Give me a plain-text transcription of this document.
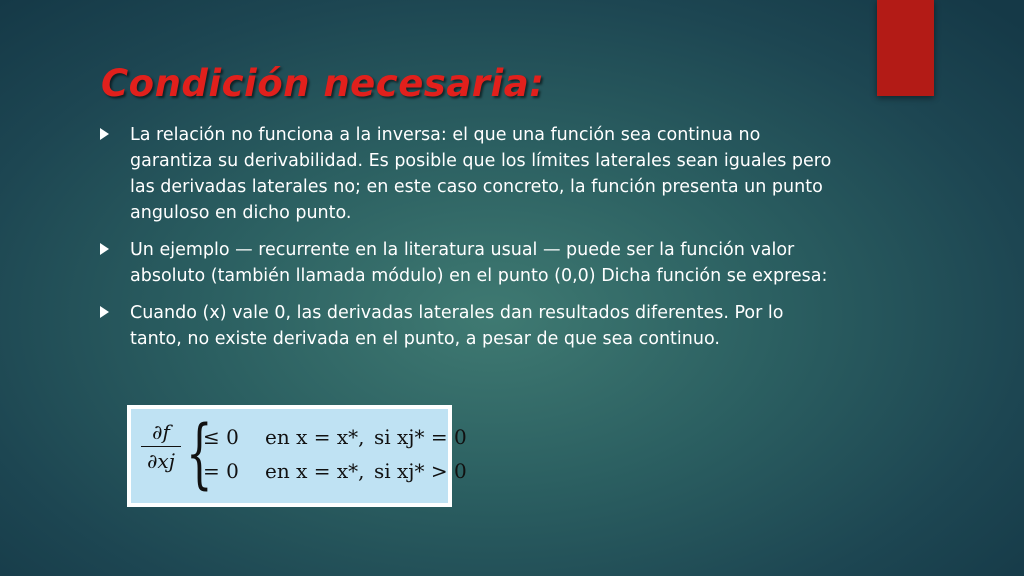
Condición necesaria:
La relación no funciona a la inversa: el que una función sea continua no garantiza su derivabilidad. Es posible que los límites laterales sean iguales pero las derivadas laterales no; en este caso concreto, la función presenta un punto anguloso en dicho punto.
Un ejemplo — recurrente en la literatura usual — puede ser la función valor absoluto (también llamada módulo) en el punto (0,0) Dicha función se expresa:
Cuando (x) vale 0, las derivadas laterales dan resultados diferentes. Por lo tanto, no existe derivada en el punto, a pesar de que sea continuo.
∂f
∂xj {
≤ 0 en x = x*, si xj* = 0
= 0 en x = x*, si xj* > 0
